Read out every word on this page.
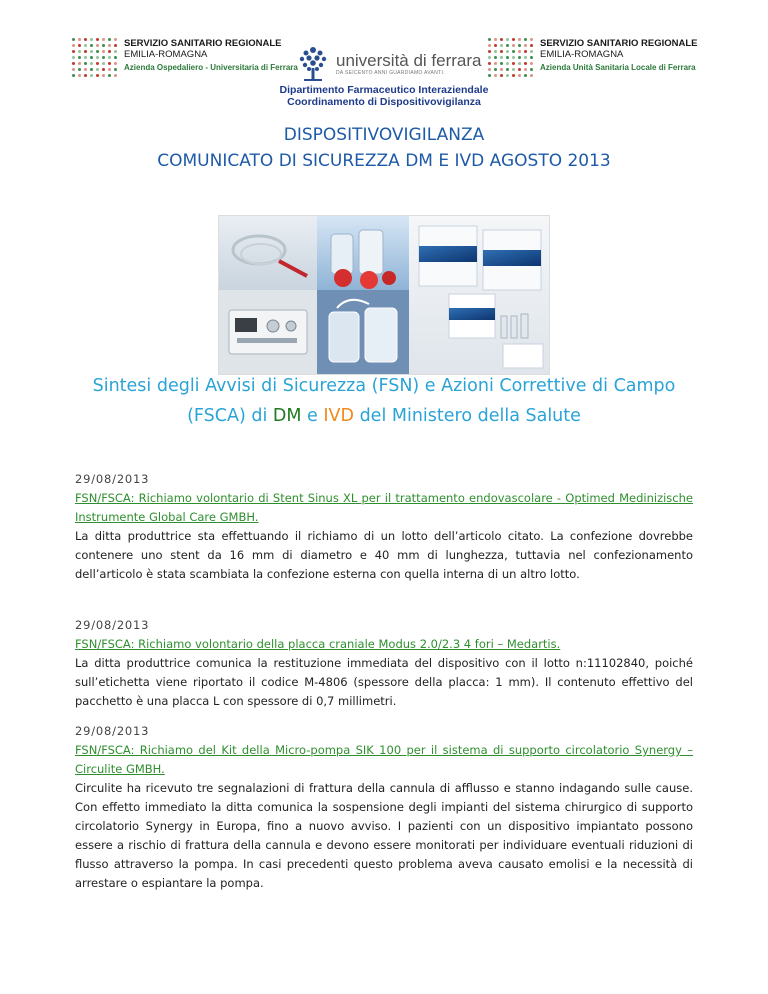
SERVIZIO SANITARIO REGIONALE
EMILIA-ROMAGNA
Azienda Ospedaliero - Universitaria di Ferrara università di ferrara
DA SEICENTO ANNI GUARDIAMO AVANTI.
SERVIZIO SANITARIO REGIONALE
EMILIA-ROMAGNA
Azienda Unità Sanitaria Locale di Ferrara
Dipartimento Farmaceutico Interaziendale
Coordinamento di Dispositivovigilanza
DISPOSITIVOVIGILANZA
COMUNICATO DI SICUREZZA DM E IVD AGOSTO 2013
Sintesi degli Avvisi di Sicurezza (FSN) e Azioni Correttive di Campo
(FSCA) di DM e IVD del Ministero della Salute
29/08/2013
FSN/FSCA: Richiamo volontario di Stent Sinus XL per il trattamento endovascolare - Optimed Medinizische Instrumente Global Care GMBH.
La ditta produttrice sta effettuando il richiamo di un lotto dell’articolo citato. La confezione dovrebbe contenere uno stent da 16 mm di diametro e 40 mm di lunghezza, tuttavia nel confezionamento dell’articolo è stata scambiata la confezione esterna con quella interna di un altro lotto.
29/08/2013
FSN/FSCA: Richiamo volontario della placca craniale Modus 2.0/2.3 4 fori – Medartis.
La ditta produttrice comunica la restituzione immediata del dispositivo con il lotto n:11102840, poiché sull’etichetta viene riportato il codice M-4806 (spessore della placca: 1 mm). Il contenuto effettivo del pacchetto è una placca L con spessore di 0,7 millimetri.
29/08/2013
FSN/FSCA: Richiamo del Kit della Micro-pompa SIK 100 per il sistema di supporto circolatorio Synergy – Circulite GMBH.
Circulite ha ricevuto tre segnalazioni di frattura della cannula di afflusso e stanno indagando sulle cause. Con effetto immediato la ditta comunica la sospensione degli impianti del sistema chirurgico di supporto circolatorio Synergy in Europa, fino a nuovo avviso. I pazienti con un dispositivo impiantato possono essere a rischio di frattura della cannula e devono essere monitorati per individuare eventuali riduzioni di flusso attraverso la pompa. In casi precedenti questo problema aveva causato emolisi e la necessità di arrestare o espiantare la pompa.
